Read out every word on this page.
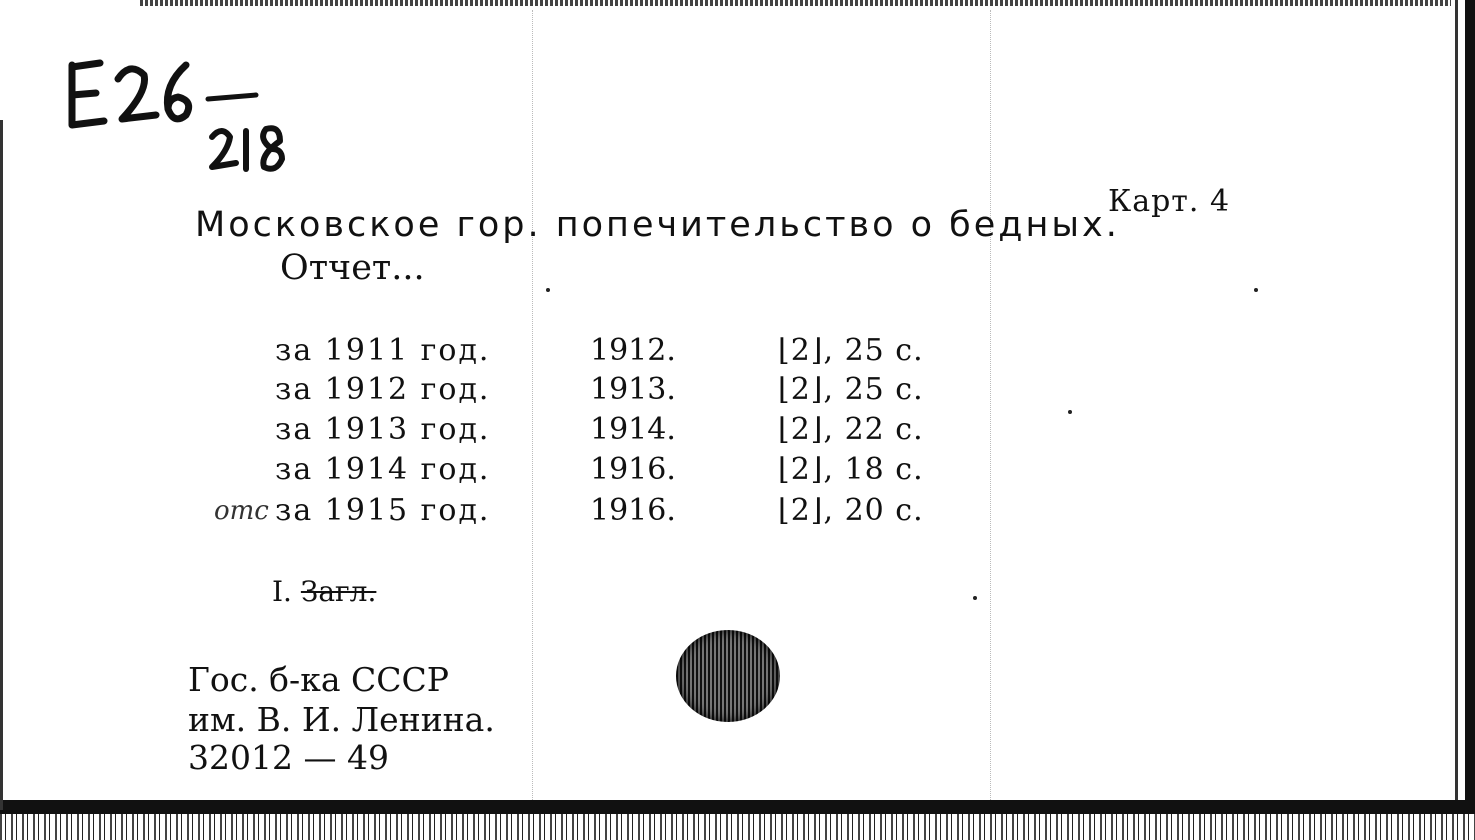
Карт. 4
Московское гор. попечительство о бедных.
Отчет...
за 1911 год.	1912.	⌊2⌋, 25 с.
за 1912 год.	1913.	⌊2⌋, 25 с.
за 1913 год.	1914.	⌊2⌋, 22 с.
за 1914 год.	1916.	⌊2⌋, 18 с.
за 1915 год.	1916.	⌊2⌋, 20 с.
отс
I. Загл.
Гос. б-ка СССР
им. В. И. Ленина.
32012 — 49
